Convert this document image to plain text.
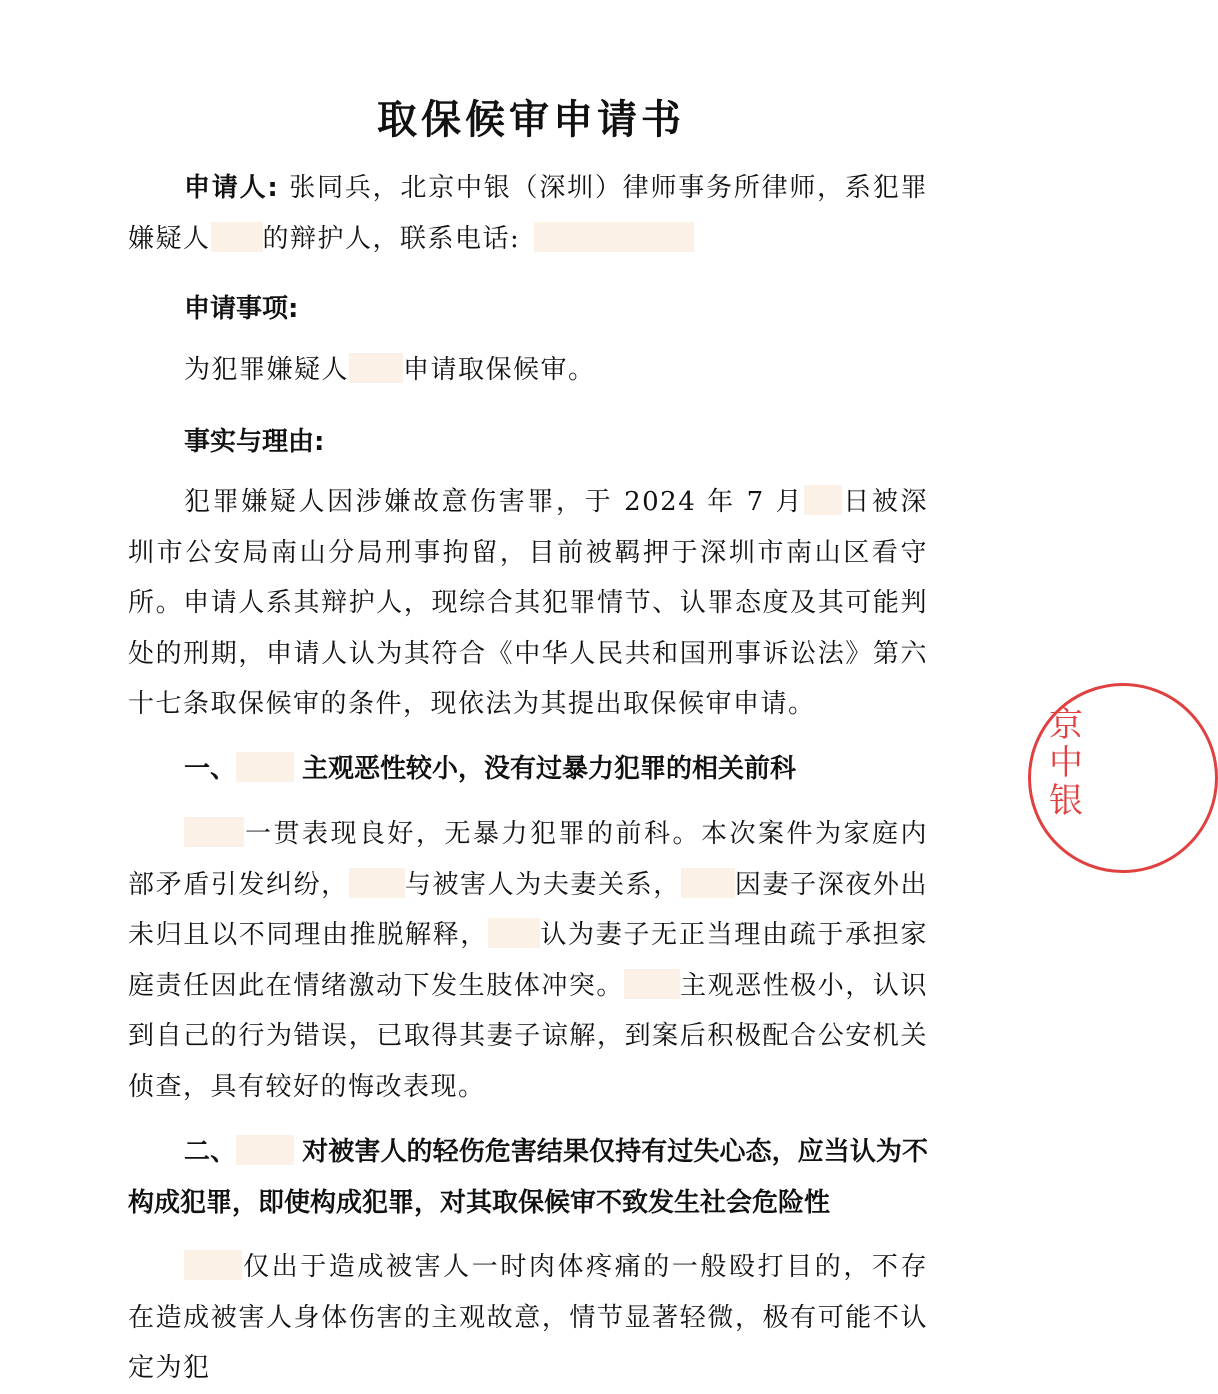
取保候审申请书
申请人: 张同兵，北京中银（深圳）律师事务所律师，系犯罪嫌疑人 的辩护人，联系电话:
申请事项:
为犯罪嫌疑人 申请取保候审。
事实与理由:
犯罪嫌疑人因涉嫌故意伤害罪，于 2024 年 7 月 日被深圳市公安局南山分局刑事拘留，目前被羁押于深圳市南山区看守所。申请人系其辩护人，现综合其犯罪情节、认罪态度及其可能判处的刑期，申请人认为其符合《中华人民共和国刑事诉讼法》第六十七条取保候审的条件，现依法为其提出取保候审申请。
一、	主观恶性较小，没有过暴力犯罪的相关前科
一贯表现良好，无暴力犯罪的前科。本次案件为家庭内部矛盾引发纠纷， 与被害人为夫妻关系， 因妻子深夜外出未归且以不同理由推脱解释， 认为妻子无正当理由疏于承担家庭责任因此在情绪激动下发生肢体冲突。 主观恶性极小，认识到自己的行为错误，已取得其妻子谅解，到案后积极配合公安机关侦查，具有较好的悔改表现。
二、	对被害人的轻伤危害结果仅持有过失心态，应当认为不构成犯罪，即使构成犯罪，对其取保候审不致发生社会危险性
仅出于造成被害人一时肉体疼痛的一般殴打目的，不存在造成被害人身体伤害的主观故意，情节显著轻微，极有可能不认定为犯
京中银
